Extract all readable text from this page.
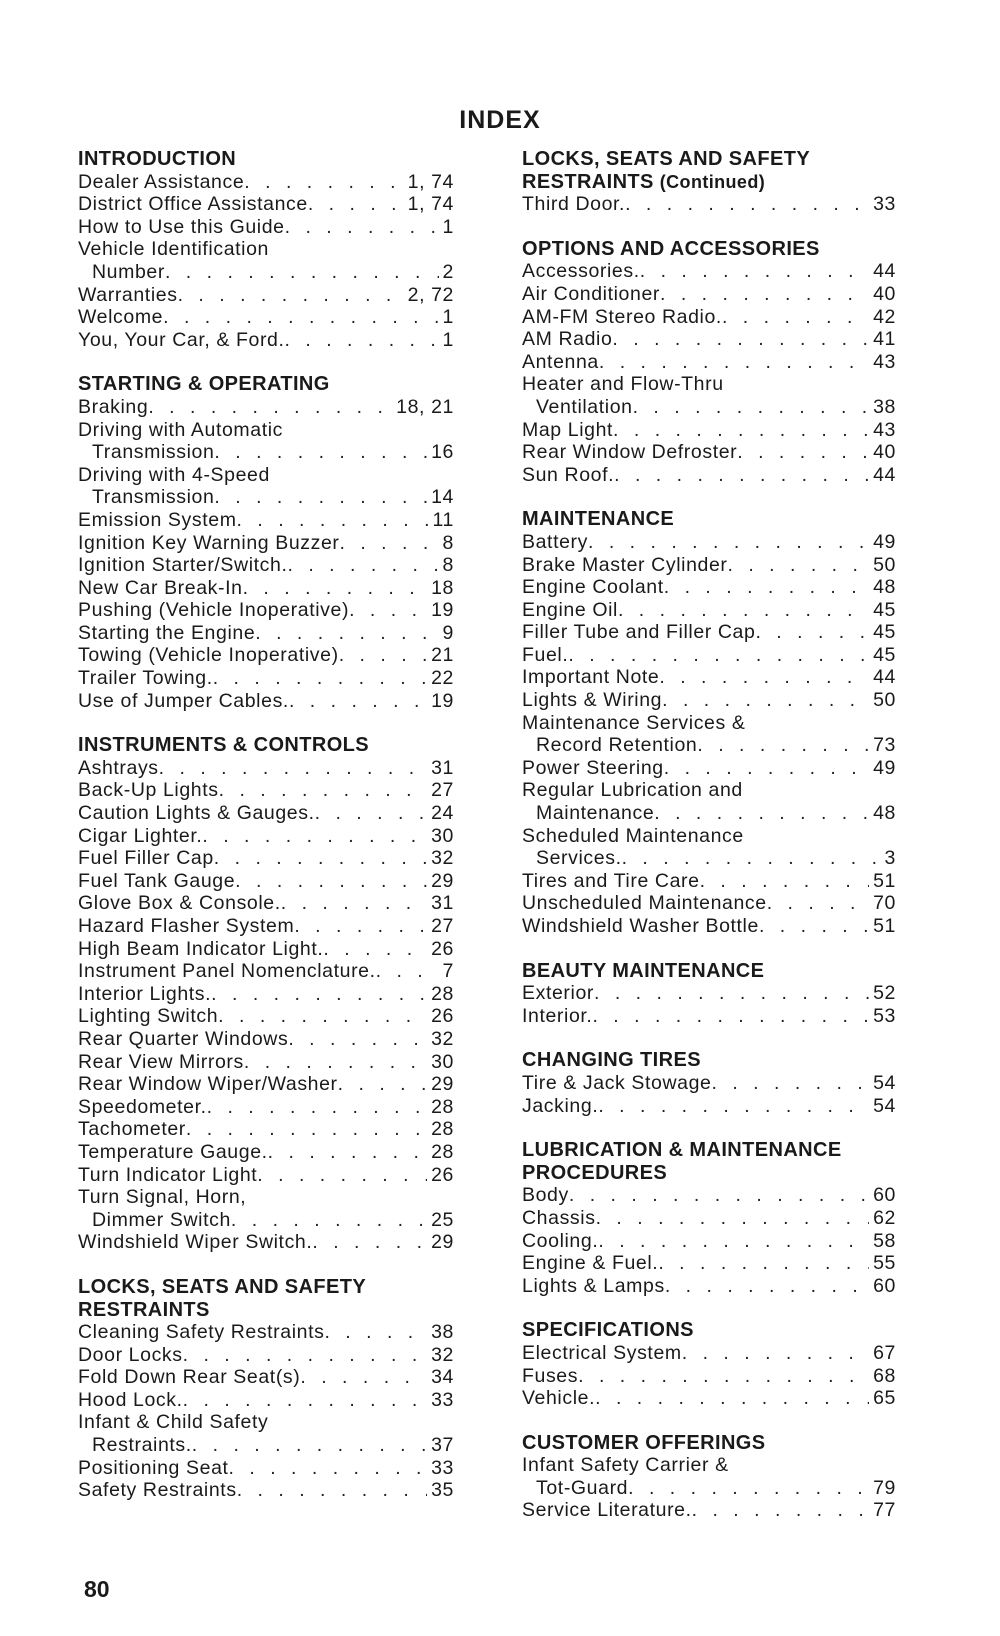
INDEX
INTRODUCTION
Dealer Assistance . . .	1, 74
District Office Assistance . . .	1, 74
How to Use this Guide . . .	1
Vehicle Identification
Number . . .	2
Warranties . . .	2, 72
Welcome . . .	1
You, Your Car, & Ford. . . .	1
STARTING & OPERATING
Braking . . .	18, 21
Driving with Automatic
Transmission . . .	16
Driving with 4-Speed
Transmission . . .	14
Emission System . . .	11
Ignition Key Warning Buzzer . . .	8
Ignition Starter/Switch. . . .	8
New Car Break-In . . .	18
Pushing (Vehicle Inoperative) . . .	19
Starting the Engine . . .	9
Towing (Vehicle Inoperative) . . .	21
Trailer Towing. . . .	22
Use of Jumper Cables. . . .	19
INSTRUMENTS & CONTROLS
Ashtrays . . .	31
Back-Up Lights . . .	27
Caution Lights & Gauges. . . .	24
Cigar Lighter. . . .	30
Fuel Filler Cap . . .	32
Fuel Tank Gauge . . .	29
Glove Box & Console. . . .	31
Hazard Flasher System . . .	27
High Beam Indicator Light. . . .	26
Instrument Panel Nomenclature. . . .	7
Interior Lights. . . .	28
Lighting Switch . . .	26
Rear Quarter Windows . . .	32
Rear View Mirrors . . .	30
Rear Window Wiper/Washer . . .	29
Speedometer. . . .	28
Tachometer . . .	28
Temperature Gauge. . . .	28
Turn Indicator Light . . .	26
Turn Signal, Horn,
Dimmer Switch . . .	25
Windshield Wiper Switch. . . .	29
LOCKS, SEATS AND SAFETY
RESTRAINTS
Cleaning Safety Restraints . . .	38
Door Locks . . .	32
Fold Down Rear Seat(s) . . .	34
Hood Lock. . . .	33
Infant & Child Safety
Restraints. . . .	37
Positioning Seat . . .	33
Safety Restraints . . .	35
LOCKS, SEATS AND SAFETY
RESTRAINTS (Continued)
Third Door. . . .	33
OPTIONS AND ACCESSORIES
Accessories. . . .	44
Air Conditioner . . .	40
AM-FM Stereo Radio. . . .	42
AM Radio . . .	41
Antenna . . .	43
Heater and Flow-Thru
Ventilation . . .	38
Map Light . . .	43
Rear Window Defroster . . .	40
Sun Roof. . . .	44
MAINTENANCE
Battery . . .	49
Brake Master Cylinder . . .	50
Engine Coolant . . .	48
Engine Oil . . .	45
Filler Tube and Filler Cap . . .	45
Fuel. . . .	45
Important Note . . .	44
Lights & Wiring . . .	50
Maintenance Services &
Record Retention . . .	73
Power Steering . . .	49
Regular Lubrication and
Maintenance . . .	48
Scheduled Maintenance
Services. . . .	3
Tires and Tire Care . . .	51
Unscheduled Maintenance . . .	70
Windshield Washer Bottle . . .	51
BEAUTY MAINTENANCE
Exterior . . .	52
Interior. . . .	53
CHANGING TIRES
Tire & Jack Stowage . . .	54
Jacking. . . .	54
LUBRICATION & MAINTENANCE
PROCEDURES
Body . . .	60
Chassis . . .	62
Cooling. . . .	58
Engine & Fuel. . . .	55
Lights & Lamps . . .	60
SPECIFICATIONS
Electrical System . . .	67
Fuses . . .	68
Vehicle. . . .	65
CUSTOMER OFFERINGS
Infant Safety Carrier &
Tot-Guard . . .	79
Service Literature. . . .	77
80
